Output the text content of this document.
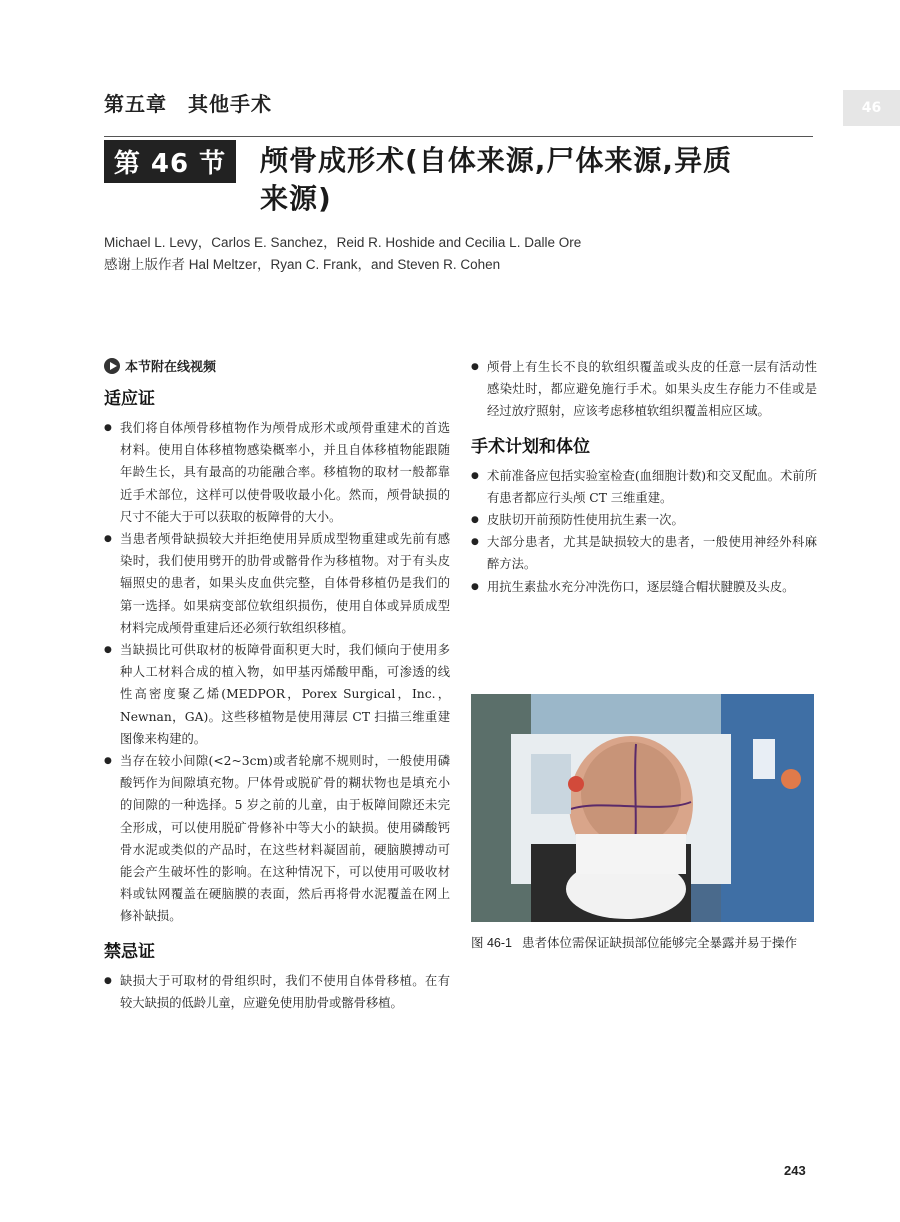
第五章　其他手术	46
第 46 节	颅骨成形术(自体来源,尸体来源,异质
来源)
Michael L. Levy，Carlos E. Sanchez，Reid R. Hoshide and Cecilia L. Dalle Ore
感谢上版作者 Hal Meltzer，Ryan C. Frank，and Steven R. Cohen
本节附在线视频
适应证
● 我们将自体颅骨移植物作为颅骨成形术或颅骨重建术的首选材料。使用自体移植物感染概率小，并且自体移植物能跟随年龄生长，具有最高的功能融合率。移植物的取材一般都靠近手术部位，这样可以使骨吸收最小化。然而，颅骨缺损的尺寸不能大于可以获取的板障骨的大小。
● 当患者颅骨缺损较大并拒绝使用异质成型物重建或先前有感染时，我们使用劈开的肋骨或髂骨作为移植物。对于有头皮辐照史的患者，如果头皮血供完整，自体骨移植仍是我们的第一选择。如果病变部位软组织损伤，使用自体或异质成型材料完成颅骨重建后还必须行软组织移植。
● 当缺损比可供取材的板障骨面积更大时，我们倾向于使用多种人工材料合成的植入物，如甲基丙烯酸甲酯，可渗透的线性高密度聚乙烯(MEDPOR，Porex Surgical，Inc.，Newnan，GA)。这些移植物是使用薄层 CT 扫描三维重建图像来构建的。
● 当存在较小间隙(<2~3cm)或者轮廓不规则时，一般使用磷酸钙作为间隙填充物。尸体骨或脱矿骨的糊状物也是填充小的间隙的一种选择。5 岁之前的儿童，由于板障间隙还未完全形成，可以使用脱矿骨修补中等大小的缺损。使用磷酸钙骨水泥或类似的产品时，在这些材料凝固前，硬脑膜搏动可能会产生破坏性的影响。在这种情况下，可以使用可吸收材料或钛网覆盖在硬脑膜的表面，然后再将骨水泥覆盖在网上修补缺损。
禁忌证
● 缺损大于可取材的骨组织时，我们不使用自体骨移植。在有较大缺损的低龄儿童，应避免使用肋骨或髂骨移植。
● 颅骨上有生长不良的软组织覆盖或头皮的任意一层有活动性感染灶时，都应避免施行手术。如果头皮生存能力不佳或是经过放疗照射，应该考虑移植软组织覆盖相应区域。
手术计划和体位
● 术前准备应包括实验室检查(血细胞计数)和交叉配血。术前所有患者都应行头颅 CT 三维重建。
● 皮肤切开前预防性使用抗生素一次。
● 大部分患者，尤其是缺损较大的患者，一般使用神经外科麻醉方法。
● 用抗生素盐水充分冲洗伤口，逐层缝合帽状腱膜及头皮。
图 46-1 患者体位需保证缺损部位能够完全暴露并易于操作
243
